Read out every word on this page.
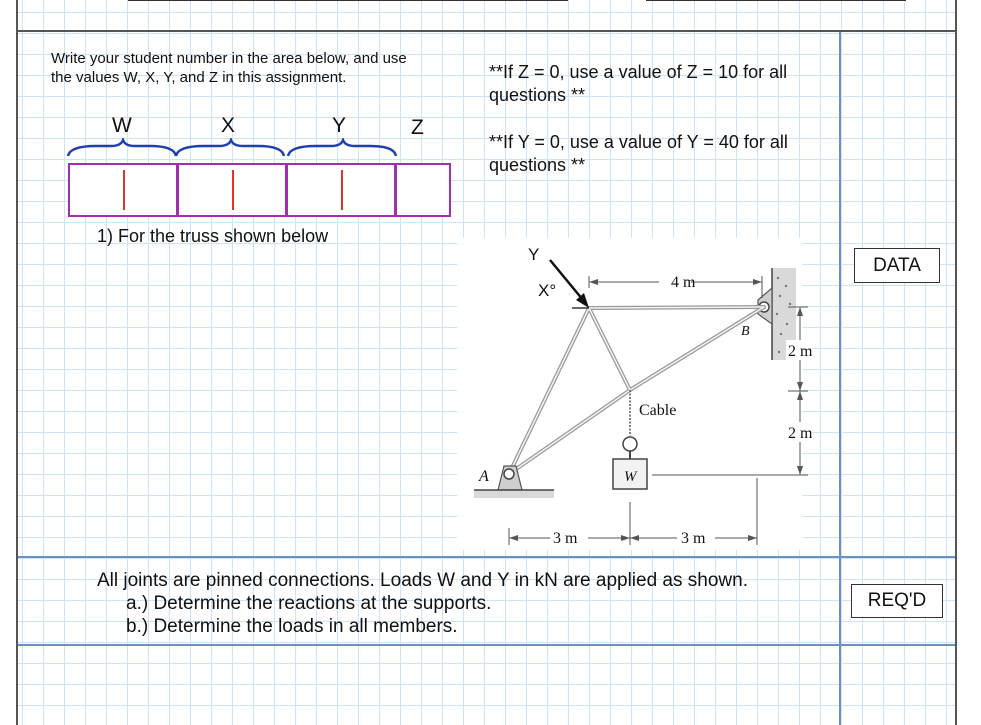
Write your student number in the area below, and use
the values W, X, Y, and Z in this assignment.
W	X	Y	Z
**If Z = 0, use a value of Z = 10 for all
questions **
**If Y = 0, use a value of Y = 40 for all
questions **
1) For the truss shown below
DATA
REQ'D
4 m
2 m
2 m
3 m	3 m
Cable
W
A
B
Y
X°
All joints are pinned connections. Loads W and Y in kN are applied as shown.
a.) Determine the reactions at the supports.
b.) Determine the loads in all members.
